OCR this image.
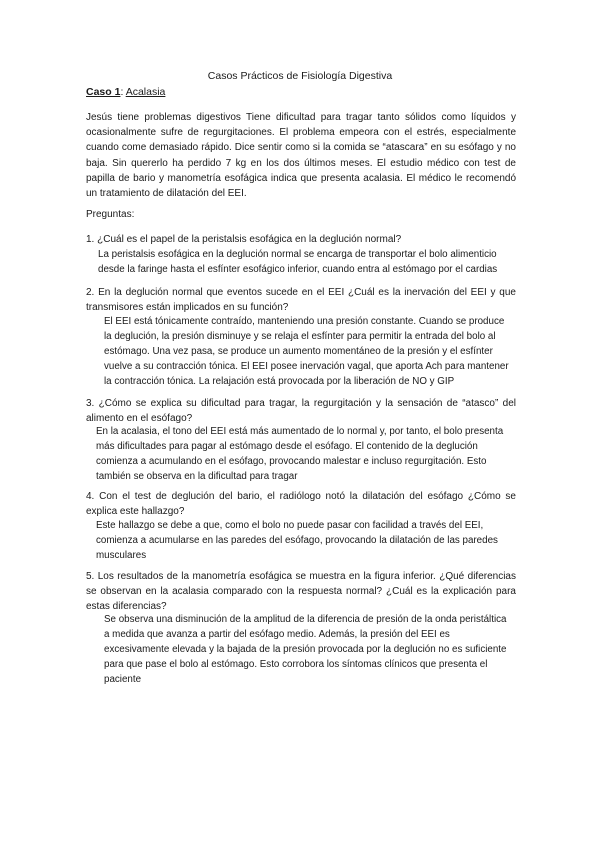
Casos Prácticos de Fisiología Digestiva
Caso 1: Acalasia
Jesús tiene problemas digestivos Tiene dificultad para tragar tanto sólidos como líquidos y ocasionalmente sufre de regurgitaciones. El problema empeora con el estrés, especialmente cuando come demasiado rápido. Dice sentir como si la comida se “atascara” en su esófago y no baja. Sin quererlo ha perdido 7 kg en los dos últimos meses. El estudio médico con test de papilla de bario y manometría esofágica indica que presenta acalasia. El médico le recomendó un tratamiento de dilatación del EEI.
Preguntas:
1. ¿Cuál es el papel de la peristalsis esofágica en la deglución normal?
La peristalsis esofágica en la deglución normal se encarga de transportar el bolo alimenticio desde la faringe hasta el esfínter esofágico inferior, cuando entra al estómago por el cardias
2. En la deglución normal que eventos sucede en el EEI ¿Cuál es la inervación del EEI y que transmisores están implicados en su función?
El EEI está tónicamente contraído, manteniendo una presión constante. Cuando se produce la deglución, la presión disminuye y se relaja el esfínter para permitir la entrada del bolo al estómago. Una vez pasa, se produce un aumento momentáneo de la presión y el esfínter vuelve a su contracción tónica. El EEI posee inervación vagal, que aporta Ach para mantener la contracción tónica. La relajación está provocada por la liberación de NO y GIP
3. ¿Cómo se explica su dificultad para tragar, la regurgitación y la sensación de “atasco” del alimento en el esófago?
En la acalasia, el tono del EEI está más aumentado de lo normal y, por tanto, el bolo presenta más dificultades para pagar al estómago desde el esófago. El contenido de la deglución comienza a acumulando en el esófago, provocando malestar e incluso regurgitación. Esto también se observa en la dificultad para tragar
4. Con el test de deglución del bario, el radiólogo notó la dilatación del esófago ¿Cómo se explica este hallazgo?
Este hallazgo se debe a que, como el bolo no puede pasar con facilidad a través del EEI, comienza a acumularse en las paredes del esófago, provocando la dilatación de las paredes musculares
5. Los resultados de la manometría esofágica se muestra en la figura inferior. ¿Qué diferencias se observan en la acalasia comparado con la respuesta normal? ¿Cuál es la explicación para estas diferencias?
Se observa una disminución de la amplitud de la diferencia de presión de la onda peristáltica a medida que avanza a partir del esófago medio. Además, la presión del EEI es excesivamente elevada y la bajada de la presión provocada por la deglución no es suficiente para que pase el bolo al estómago. Esto corrobora los síntomas clínicos que presenta el paciente
